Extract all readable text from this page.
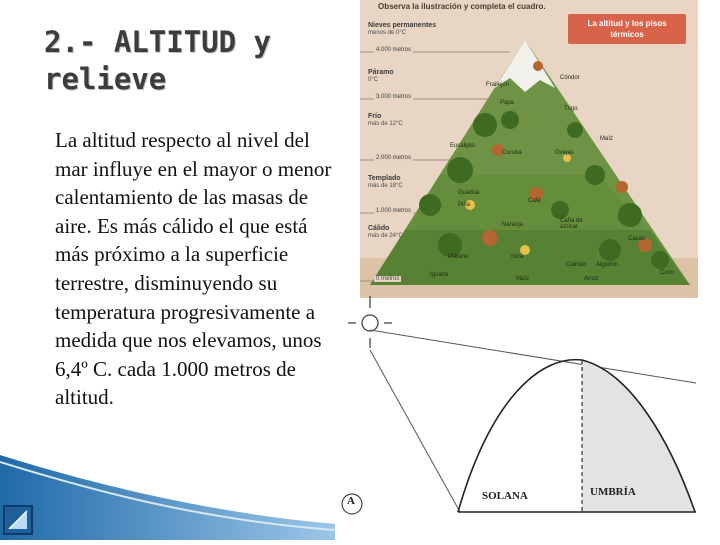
2.- ALTITUD y
relieve
La altitud respecto al nivel del mar influye en el mayor o menor calentamiento de las masas de aire. Es más cálido el que está más próximo a la superficie terrestre, disminuyendo su temperatura progresivamente a medida que nos elevamos, unos 6,4º C. cada 1.000 metros de altitud.
Observa la ilustración y completa el cuadro.
La altitud y los pisos
térmicos
Nieves permanentes
menos de 0°C
Páramo
0°C
Frío
más de 12°C
Templado
más de 18°C
Cálido
más de 24°C
4.000 metros
3.000 metros
2.000 metros
1.000 metros
0 metros
Cóndor
Frailejón
Papa
Trigo
Eucalipto
Curubá	Ovejas
Maíz
Guadua
Café
Piña
Naranja
Caña de azúcar
Cacao
Plátano	Yuca
Algodón
Caimán
Iguana
Maíz	Arroz
Coco
A	SOLANA	UMBRÍA
